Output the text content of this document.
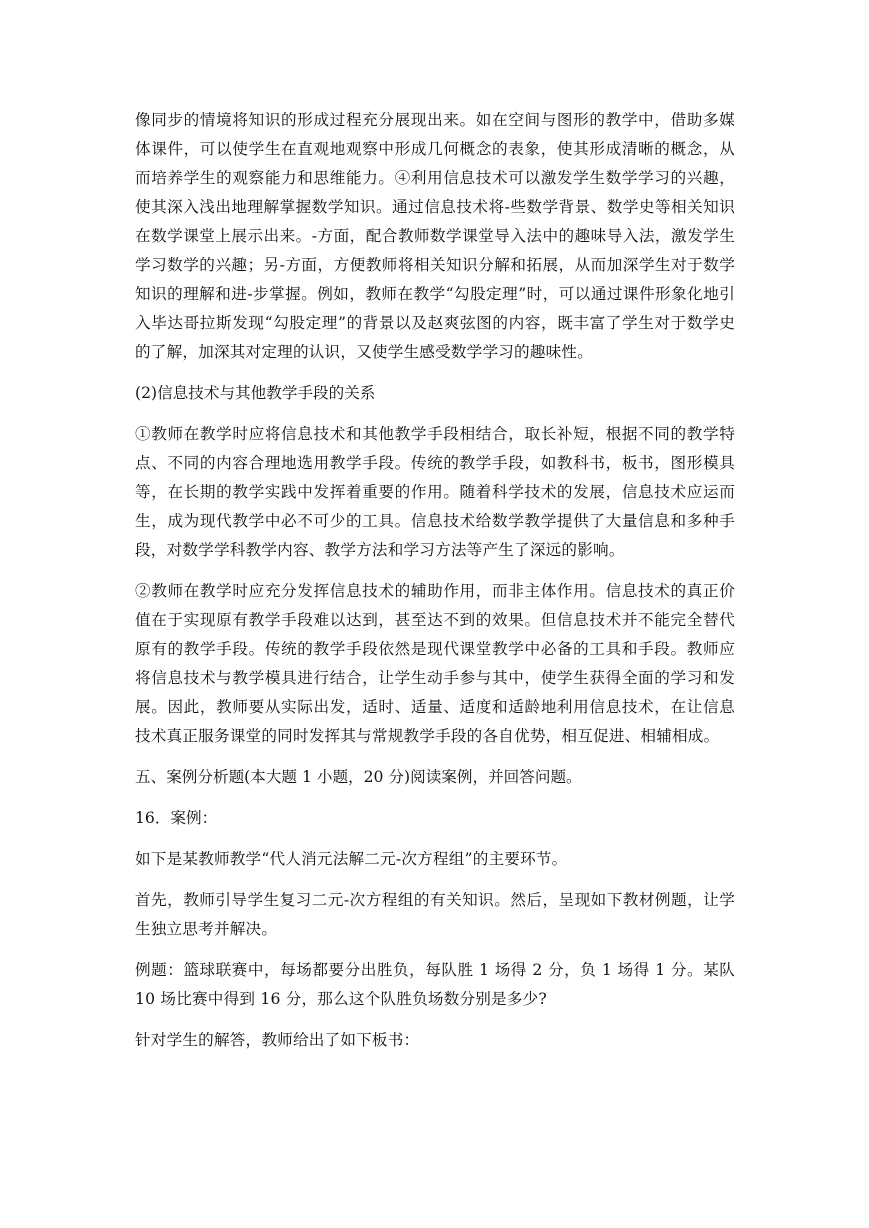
像同步的情境将知识的形成过程充分展现出来。如在空间与图形的教学中，借助多媒体课件，可以使学生在直观地观察中形成几何概念的表象，使其形成清晰的概念，从而培养学生的观察能力和思维能力。④利用信息技术可以激发学生数学学习的兴趣，使其深入浅出地理解掌握数学知识。通过信息技术将-些数学背景、数学史等相关知识在数学课堂上展示出来。-方面，配合教师数学课堂导入法中的趣味导入法，激发学生学习数学的兴趣；另-方面，方便教师将相关知识分解和拓展，从而加深学生对于数学知识的理解和进-步掌握。例如，教师在教学“勾股定理”时，可以通过课件形象化地引入毕达哥拉斯发现“勾股定理”的背景以及赵爽弦图的内容，既丰富了学生对于数学史的了解，加深其对定理的认识，又使学生感受数学学习的趣味性。

(2)信息技术与其他教学手段的关系

①教师在教学时应将信息技术和其他教学手段相结合，取长补短，根据不同的教学特点、不同的内容合理地选用教学手段。传统的教学手段，如教科书，板书，图形模具等，在长期的教学实践中发挥着重要的作用。随着科学技术的发展，信息技术应运而生，成为现代教学中必不可少的工具。信息技术给数学教学提供了大量信息和多种手段，对数学学科教学内容、教学方法和学习方法等产生了深远的影响。

②教师在教学时应充分发挥信息技术的辅助作用，而非主体作用。信息技术的真正价值在于实现原有教学手段难以达到，甚至达不到的效果。但信息技术并不能完全替代原有的教学手段。传统的教学手段依然是现代课堂教学中必备的工具和手段。教师应将信息技术与教学模具进行结合，让学生动手参与其中，使学生获得全面的学习和发展。因此，教师要从实际出发，适时、适量、适度和适龄地利用信息技术，在让信息技术真正服务课堂的同时发挥其与常规教学手段的各自优势，相互促进、相辅相成。

五、案例分析题(本大题 1 小题，20 分)阅读案例，并回答问题。

16．案例：

如下是某教师教学“代人消元法解二元-次方程组”的主要环节。

首先，教师引导学生复习二元-次方程组的有关知识。然后，呈现如下教材例题，让学生独立思考并解决。

例题：篮球联赛中，每场都要分出胜负，每队胜 1 场得 2 分，负 1 场得 1 分。某队 10 场比赛中得到 16 分，那么这个队胜负场数分别是多少?

针对学生的解答，教师给出了如下板书：
